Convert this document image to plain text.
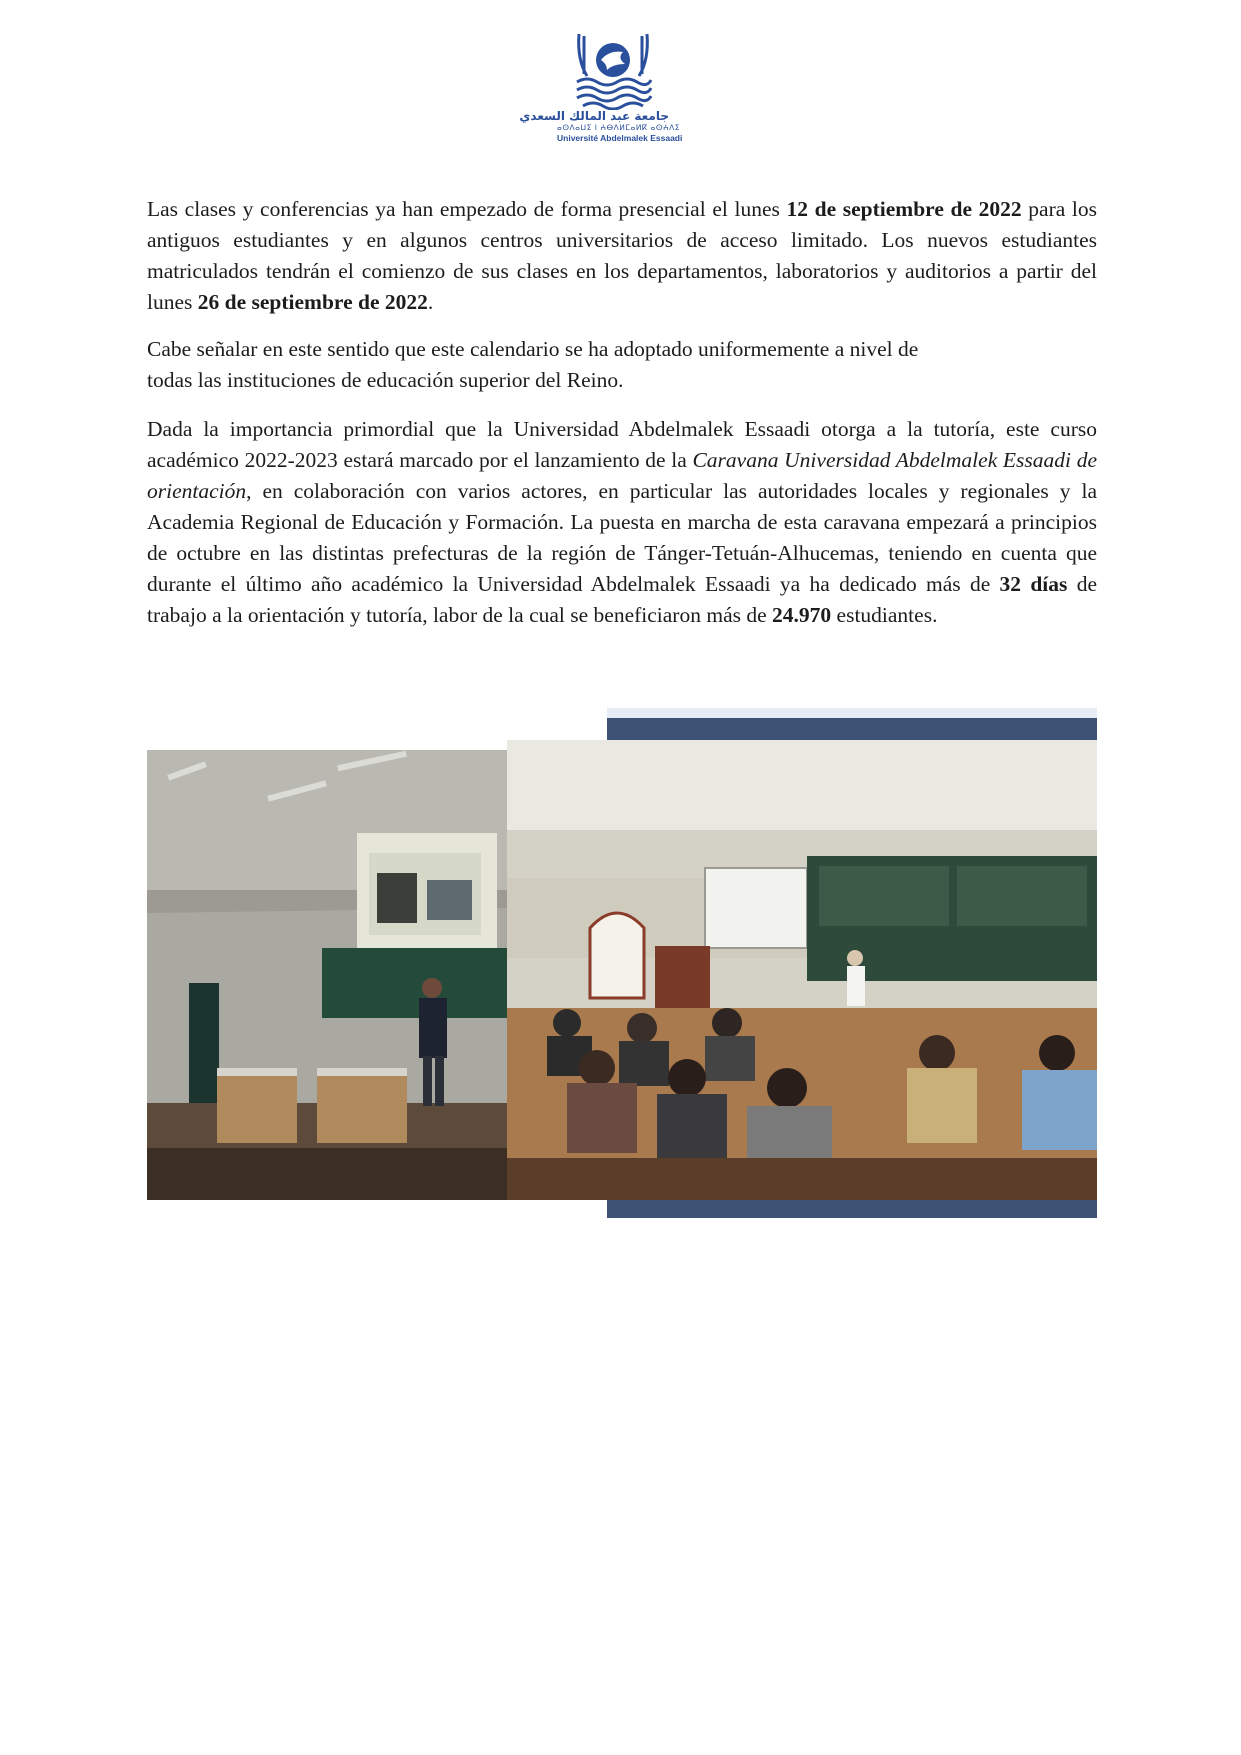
جامعة عبد المالك السعدي
ⴰⵙⴷⴰⵡⵉ ⵏ ⵄⴱⴷⵍⵎⴰⵍⴽ ⴰⵙⵄⴷⵉ
Université Abdelmalek Essaadi

Las clases y conferencias ya han empezado de forma presencial el lunes 12 de septiembre de 2022 para los antiguos estudiantes y en algunos centros universitarios de acceso limitado. Los nuevos estudiantes matriculados tendrán el comienzo de sus clases en los departamentos, laboratorios y auditorios a partir del lunes 26 de septiembre de 2022.

Cabe señalar en este sentido que este calendario se ha adoptado uniformemente a nivel de

todas las instituciones de educación superior del Reino.

Dada la importancia primordial que la Universidad Abdelmalek Essaadi otorga a la tutoría, este curso académico 2022-2023 estará marcado por el lanzamiento de la Caravana Universidad Abdelmalek Essaadi de orientación, en colaboración con varios actores, en particular las autoridades locales y regionales y la Academia Regional de Educación y Formación. La puesta en marcha de esta caravana empezará a principios de octubre en las distintas prefecturas de la región de Tánger-Tetuán-Alhucemas, teniendo en cuenta que durante el último año académico la Universidad Abdelmalek Essaadi ya ha dedicado más de 32 días de trabajo a la orientación y tutoría, labor de la cual se beneficiaron más de 24.970 estudiantes.
